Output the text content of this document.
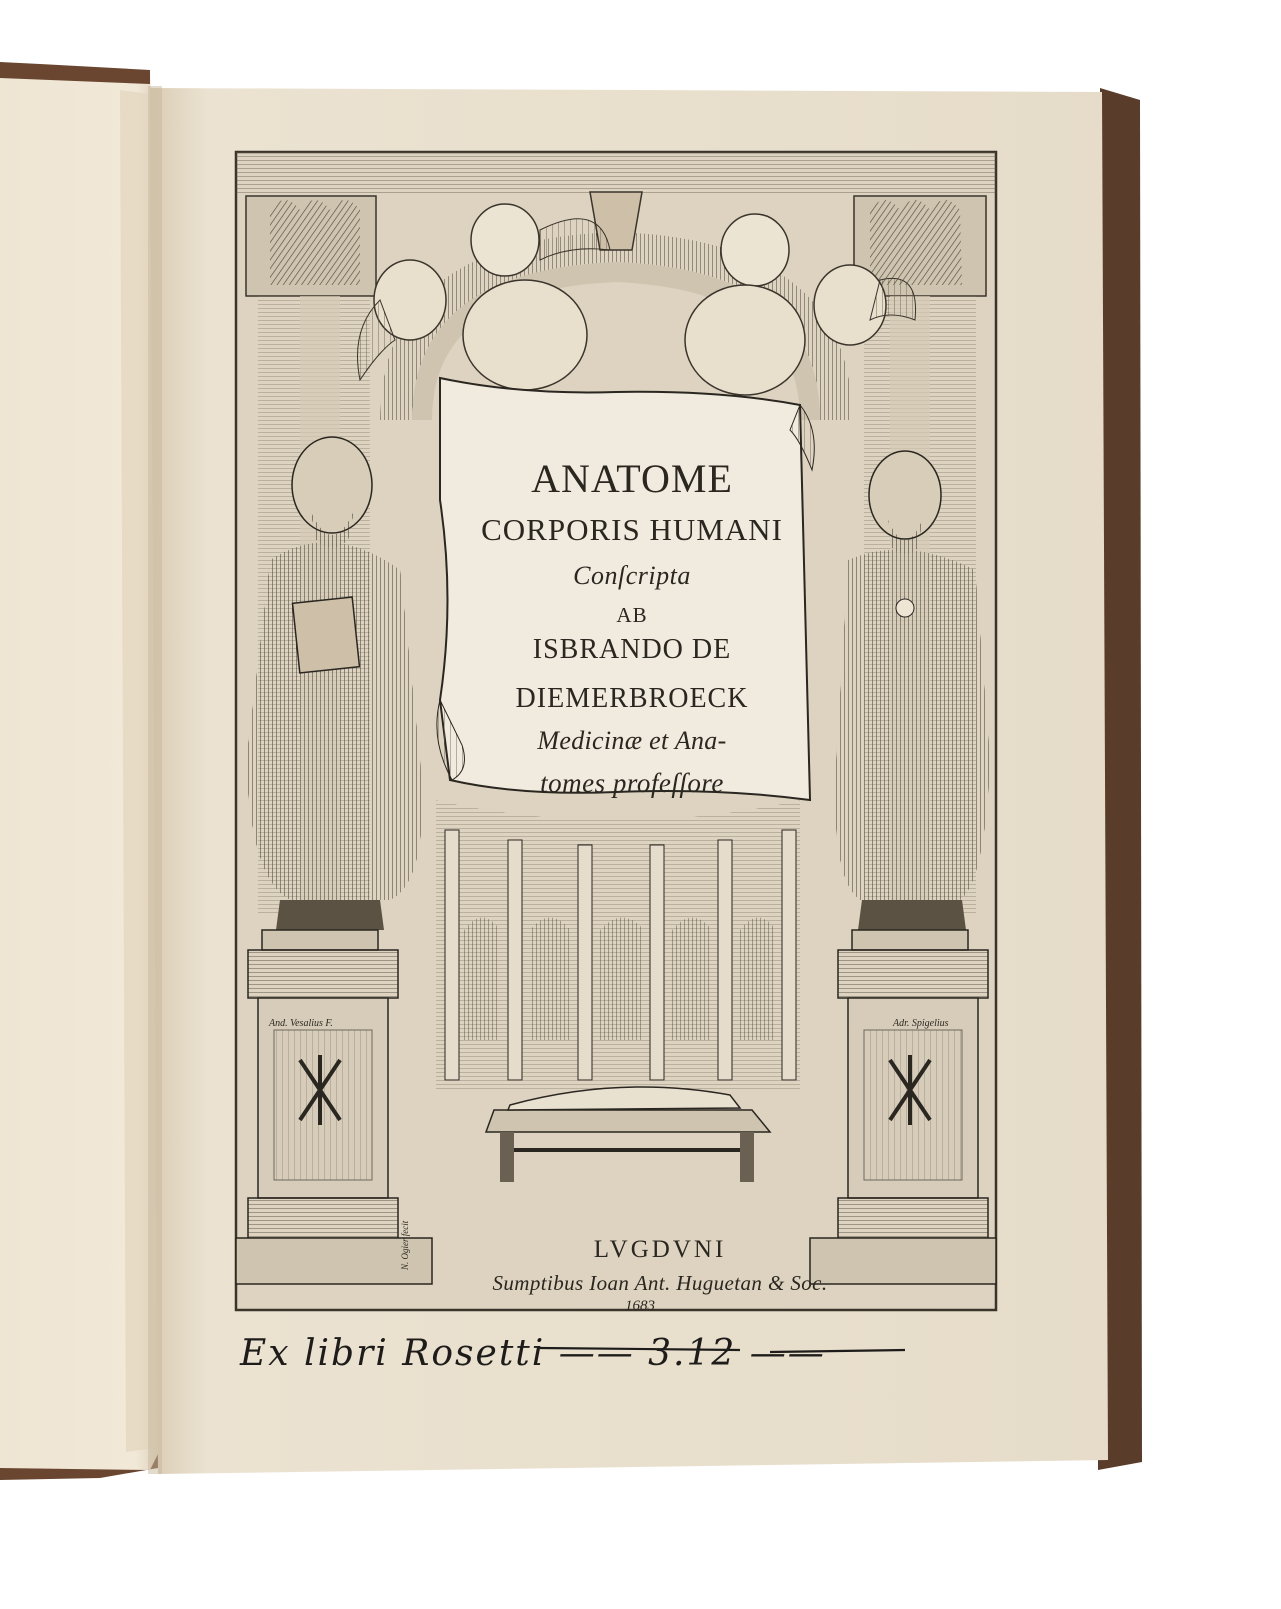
ANATOME
CORPORIS HUMANI
Conſcripta
AB
ISBRANDO DE
DIEMERBROECK
Medicinæ et Ana-
tomes profeſſore
LVGDVNI
Sumptibus Ioan Ant. Huguetan & Soc.
1683
And. Vesalius F.	Adr. Spigelius
N. Ogier fecit
Ex libri Rosetti —— 3.12 ——
